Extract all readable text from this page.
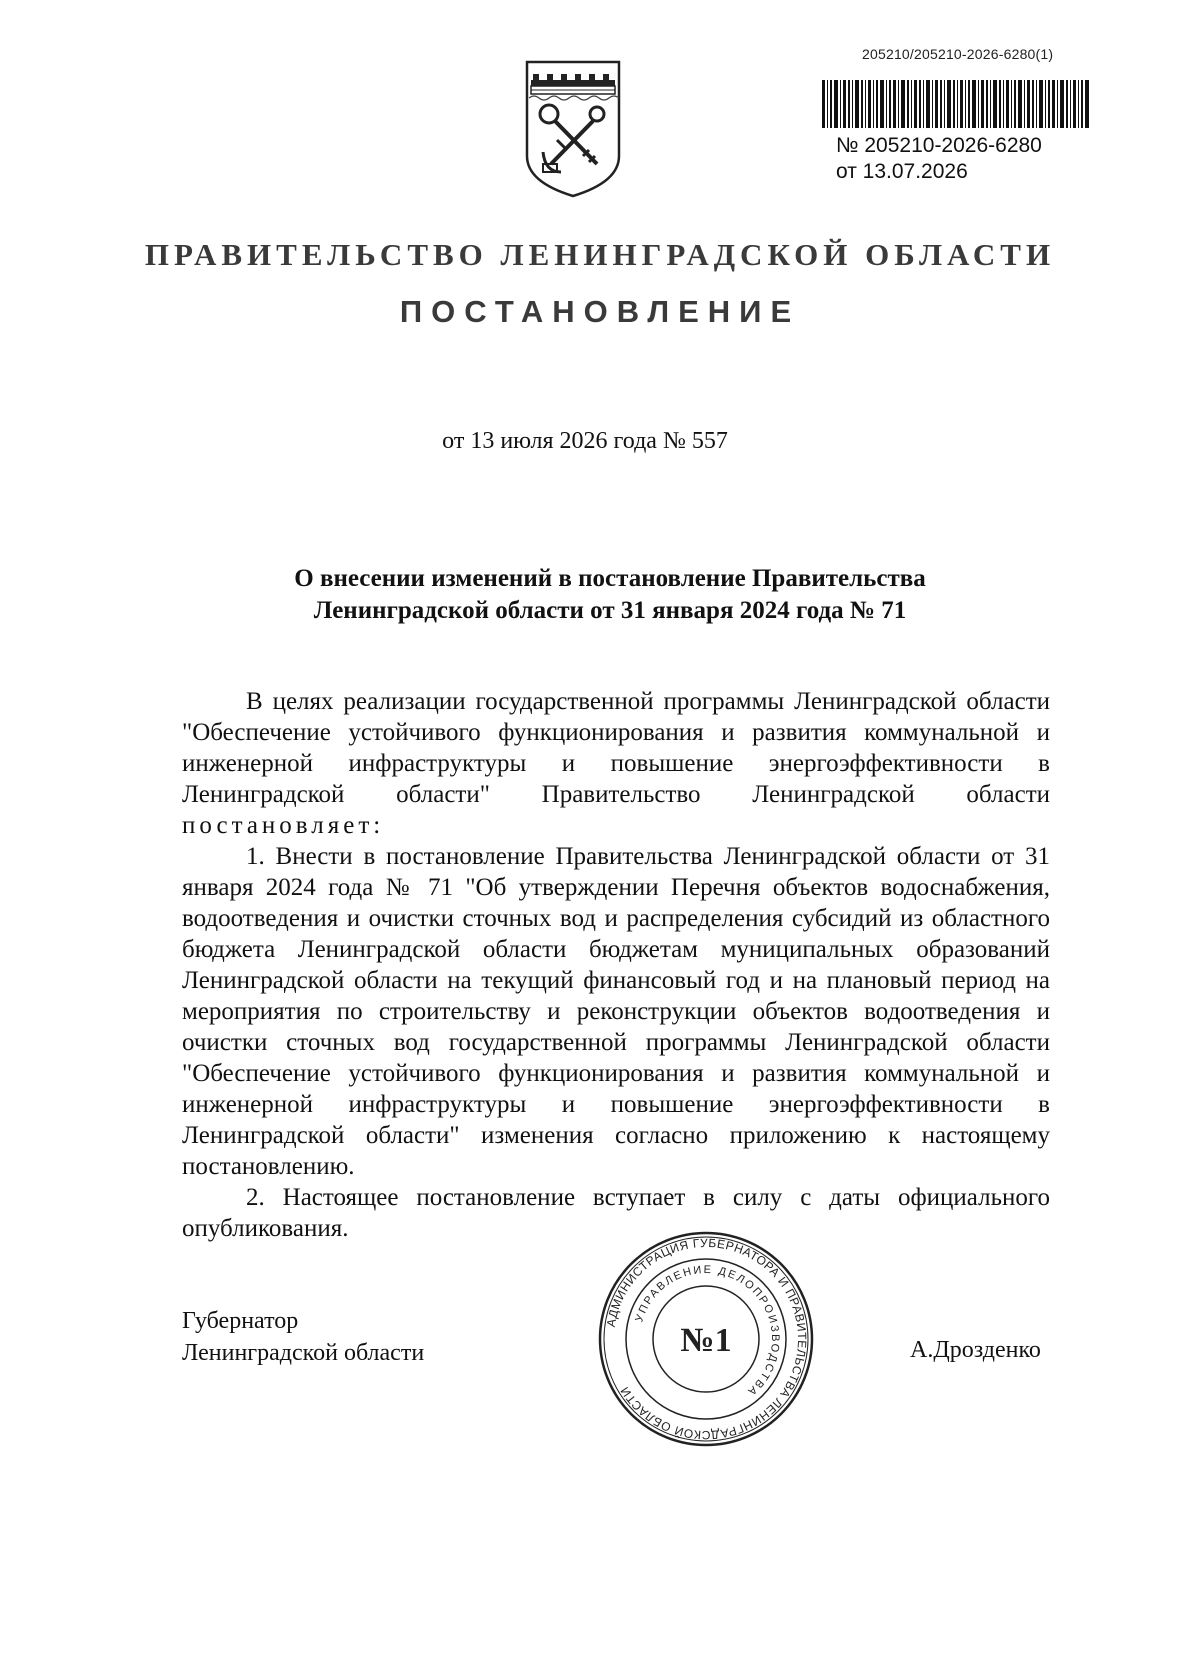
205210/205210-2026-6280(1)
№ 205210-2026-6280
от 13.07.2026
ПРАВИТЕЛЬСТВО ЛЕНИНГРАДСКОЙ ОБЛАСТИ
ПОСТАНОВЛЕНИЕ
от 13 июля 2026 года № 557
О внесении изменений в постановление Правительства
Ленинградской области от 31 января 2024 года № 71

В целях реализации государственной программы Ленинградской области "Обеспечение устойчивого функционирования и развития коммунальной и инженерной инфраструктуры и повышение энергоэффективности в Ленинградской области" Правительство Ленинградской области постановляет:

1. Внести в постановление Правительства Ленинградской области от 31 января 2024 года № 71 "Об утверждении Перечня объектов водоснабжения, водоотведения и очистки сточных вод и распределения субсидий из областного бюджета Ленинградской области бюджетам муниципальных образований Ленинградской области на текущий финансовый год и на плановый период на мероприятия по строительству и реконструкции объектов водоотведения и очистки сточных вод государственной программы Ленинградской области "Обеспечение устойчивого функционирования и развития коммунальной и инженерной инфраструктуры и повышение энергоэффективности в Ленинградской области" изменения согласно приложению к настоящему постановлению.

2. Настоящее постановление вступает в силу с даты официального опубликования.

Губернатор
Ленинградской области
АДМИНИСТРАЦИЯ ГУБЕРНАТОРА И ПРАВИТЕЛЬСТВА ЛЕНИНГРАДСКОЙ ОБЛАСТИ
УПРАВЛЕНИЕ ДЕЛОПРОИЗВОДСТВА
№1	А.Дрозденко
